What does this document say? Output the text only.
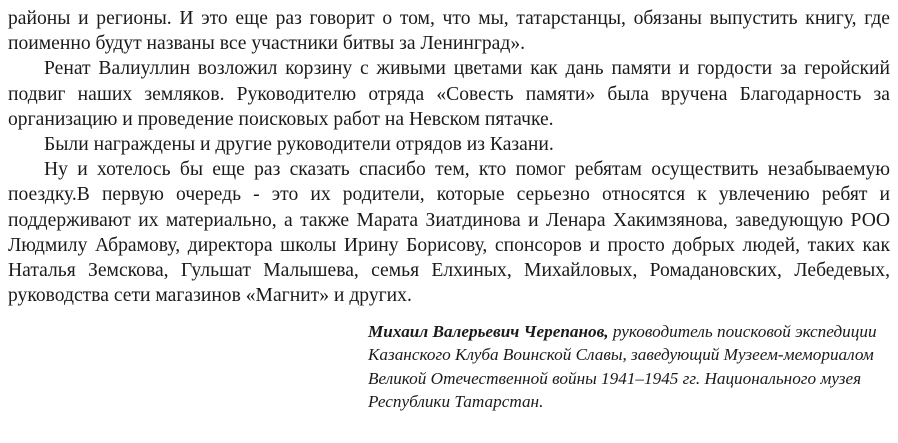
районы и регионы. И это еще раз говорит о том, что мы, татарстанцы, обязаны выпустить книгу, где поименно будут названы все участники битвы за Ленинград».

Ренат Валиуллин возложил корзину с живыми цветами как дань памяти и гордости за геройский подвиг наших земляков. Руководителю отряда «Совесть памяти» была вручена Благодарность за организацию и проведение поисковых работ на Невском пятачке.

Были награждены и другие руководители отрядов из Казани.

Ну и хотелось бы еще раз сказать спасибо тем, кто помог ребятам осуществить незабываемую поездку.В первую очередь - это их родители, которые серьезно относятся к увлечению ребят и поддерживают их материально, а также Марата Зиатдинова и Ленара Хакимзянова, заведующую РОО Людмилу Абрамову, директора школы Ирину Борисову, спонсоров и просто добрых людей, таких как Наталья Земскова, Гульшат Малышева, семья Елхиных, Михайловых, Ромадановских, Лебедевых, руководства сети магазинов «Магнит» и других.

Михаил Валерьевич Черепанов, руководитель поисковой экспедиции Казанского Клуба Воинской Славы, заведующий Музеем-мемориалом Великой Отечественной войны 1941–1945 гг. Национального музея Республики Татарстан.
